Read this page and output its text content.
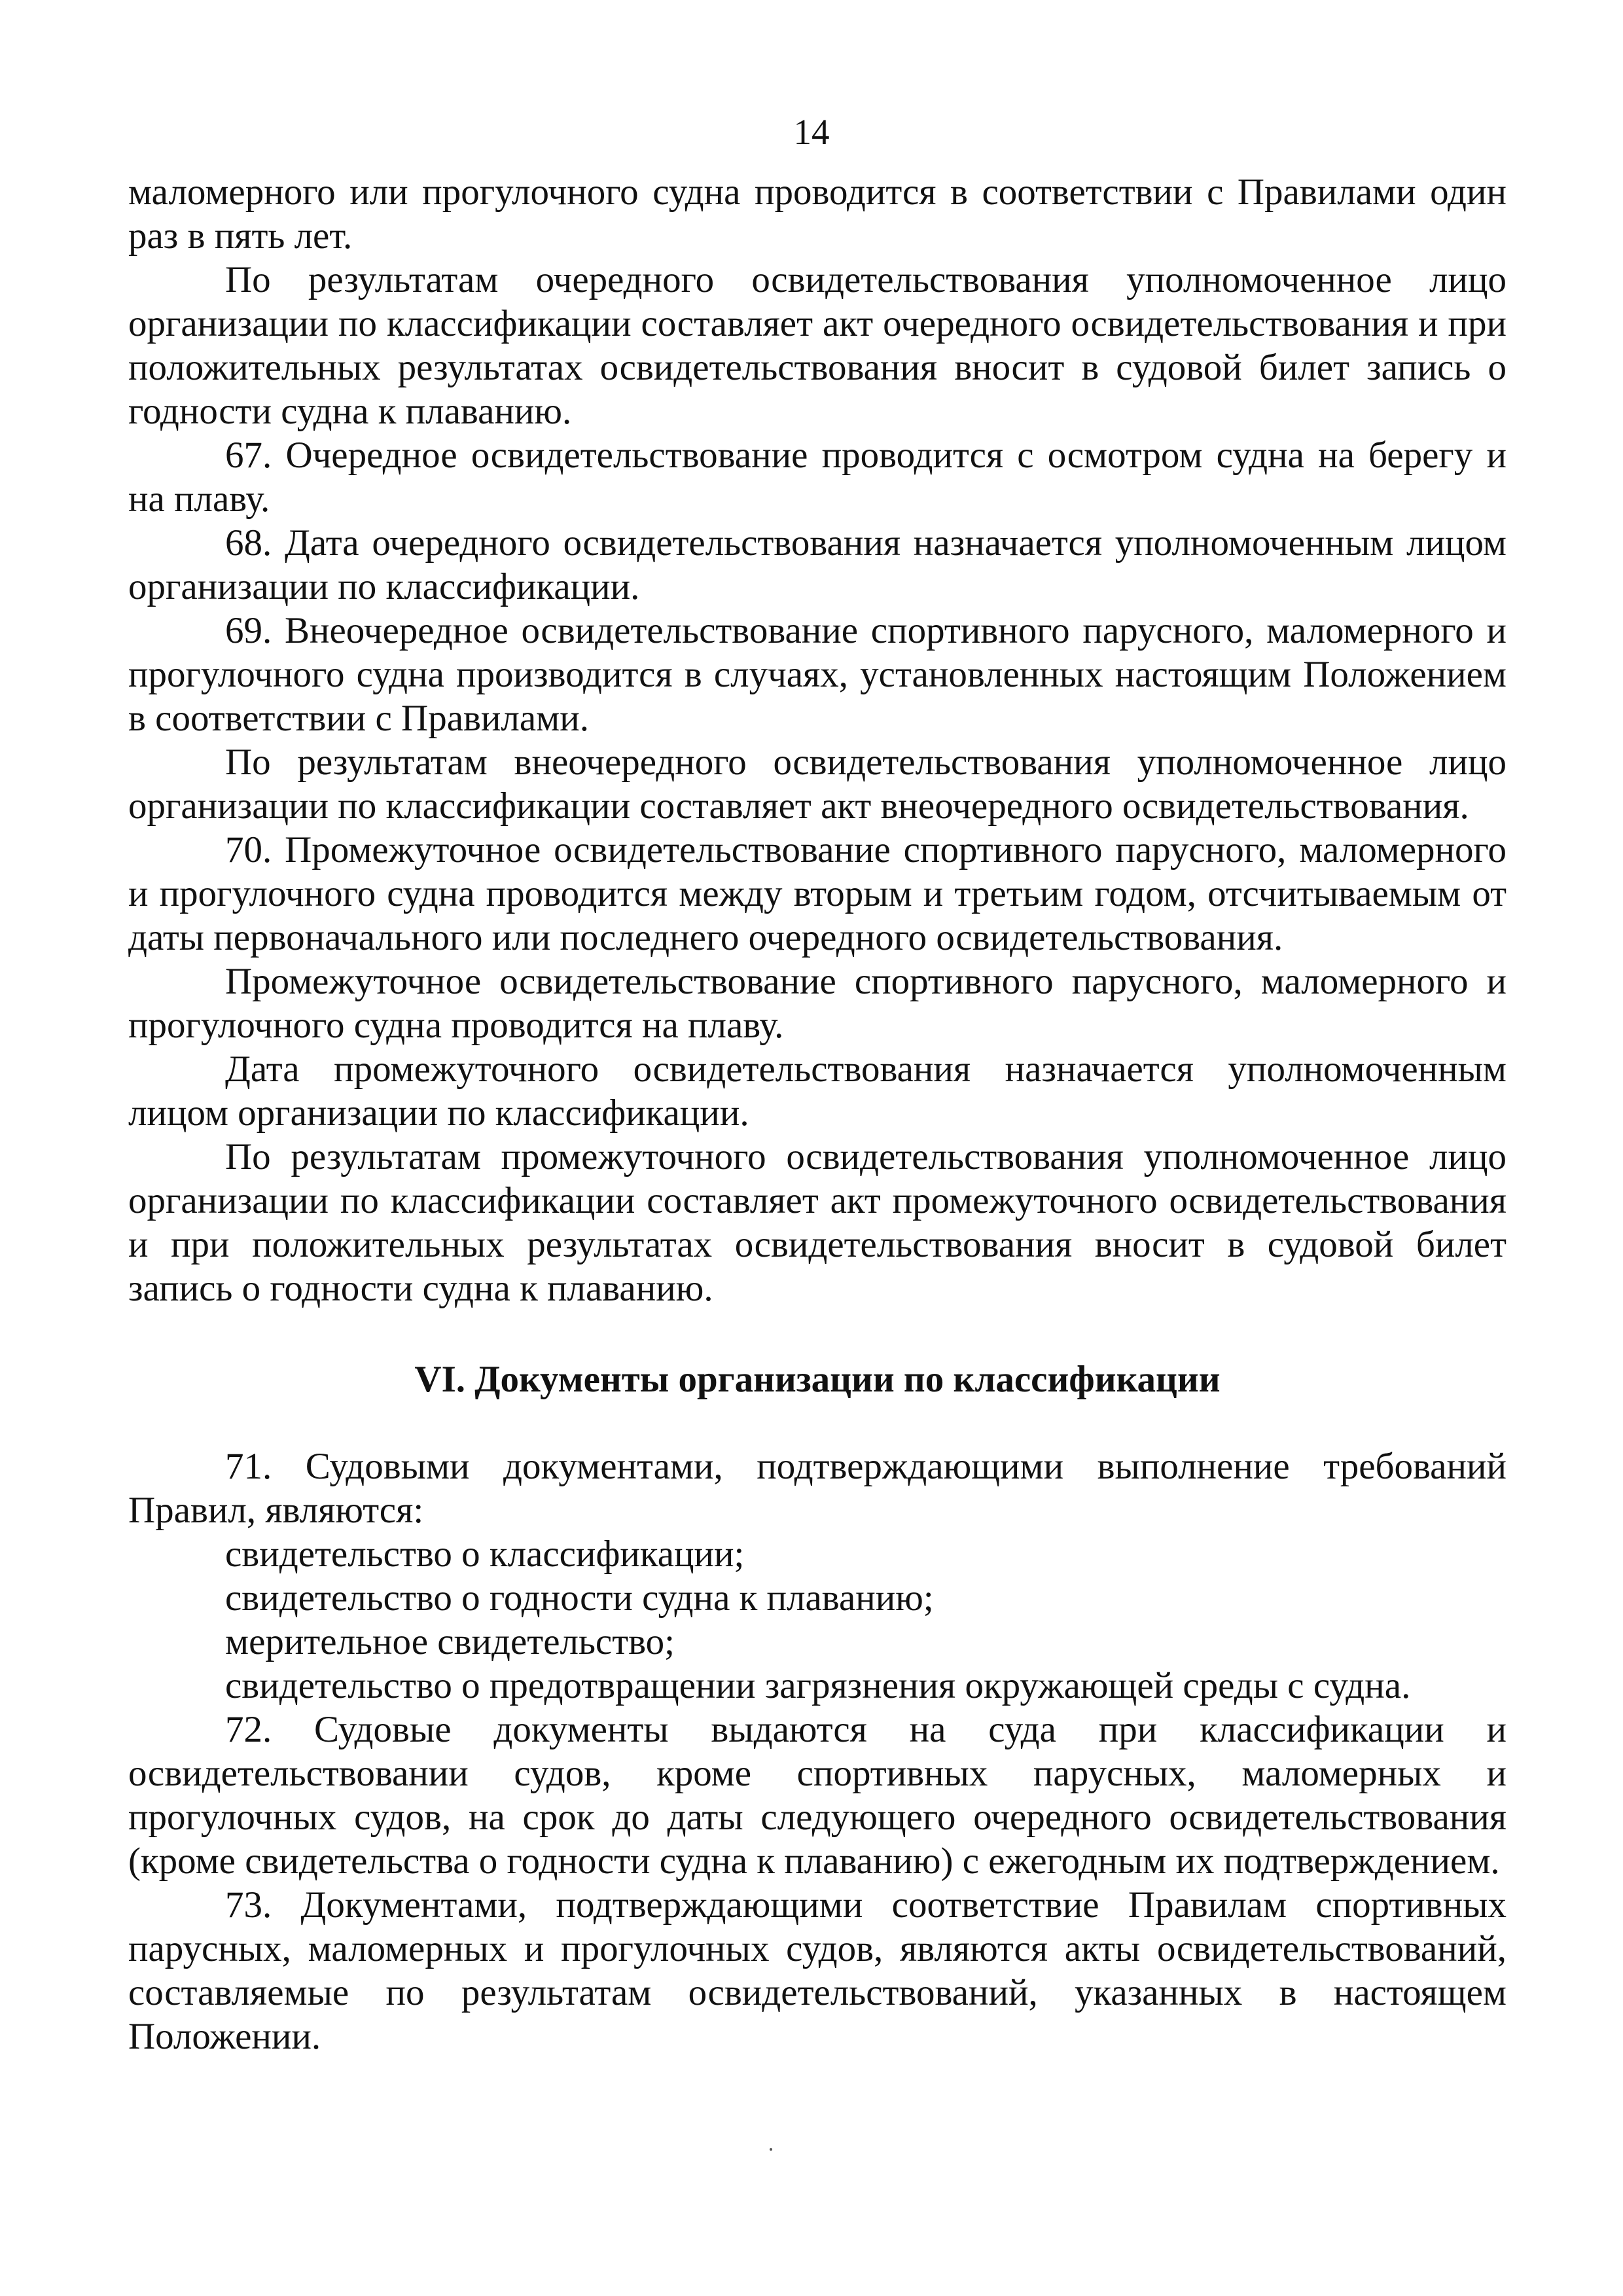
14

маломерного или прогулочного судна проводится в соответствии с Правилами один раз в пять лет.

По результатам очередного освидетельствования уполномоченное лицо организации по классификации составляет акт очередного освидетельствования и при положительных результатах освидетельствования вносит в судовой билет запись о годности судна к плаванию.

67. Очередное освидетельствование проводится с осмотром судна на берегу и на плаву.

68. Дата очередного освидетельствования назначается уполномоченным лицом организации по классификации.

69. Внеочередное освидетельствование спортивного парусного, маломерного и прогулочного судна производится в случаях, установленных настоящим Положением в соответствии с Правилами.

По результатам внеочередного освидетельствования уполномоченное лицо организации по классификации составляет акт внеочередного освидетельствования.

70. Промежуточное освидетельствование спортивного парусного, маломерного и прогулочного судна проводится между вторым и третьим годом, отсчитываемым от даты первоначального или последнего очередного освидетельствования.

Промежуточное освидетельствование спортивного парусного, маломерного и прогулочного судна проводится на плаву.

Дата промежуточного освидетельствования назначается уполномоченным лицом организации по классификации.

По результатам промежуточного освидетельствования уполномоченное лицо организации по классификации составляет акт промежуточного освидетельствования и при положительных результатах освидетельствования вносит в судовой билет запись о годности судна к плаванию.

VI. Документы организации по классификации

71. Судовыми документами, подтверждающими выполнение требований Правил, являются:

свидетельство о классификации;

свидетельство о годности судна к плаванию;

мерительное свидетельство;

свидетельство о предотвращении загрязнения окружающей среды с судна.

72. Судовые документы выдаются на суда при классификации и освидетельствовании судов, кроме спортивных парусных, маломерных и прогулочных судов, на срок до даты следующего очередного освидетельствования (кроме свидетельства о годности судна к плаванию) с ежегодным их подтверждением.

73. Документами, подтверждающими соответствие Правилам спортивных парусных, маломерных и прогулочных судов, являются акты освидетельствований, составляемые по результатам освидетельствований, указанных в настоящем Положении.
